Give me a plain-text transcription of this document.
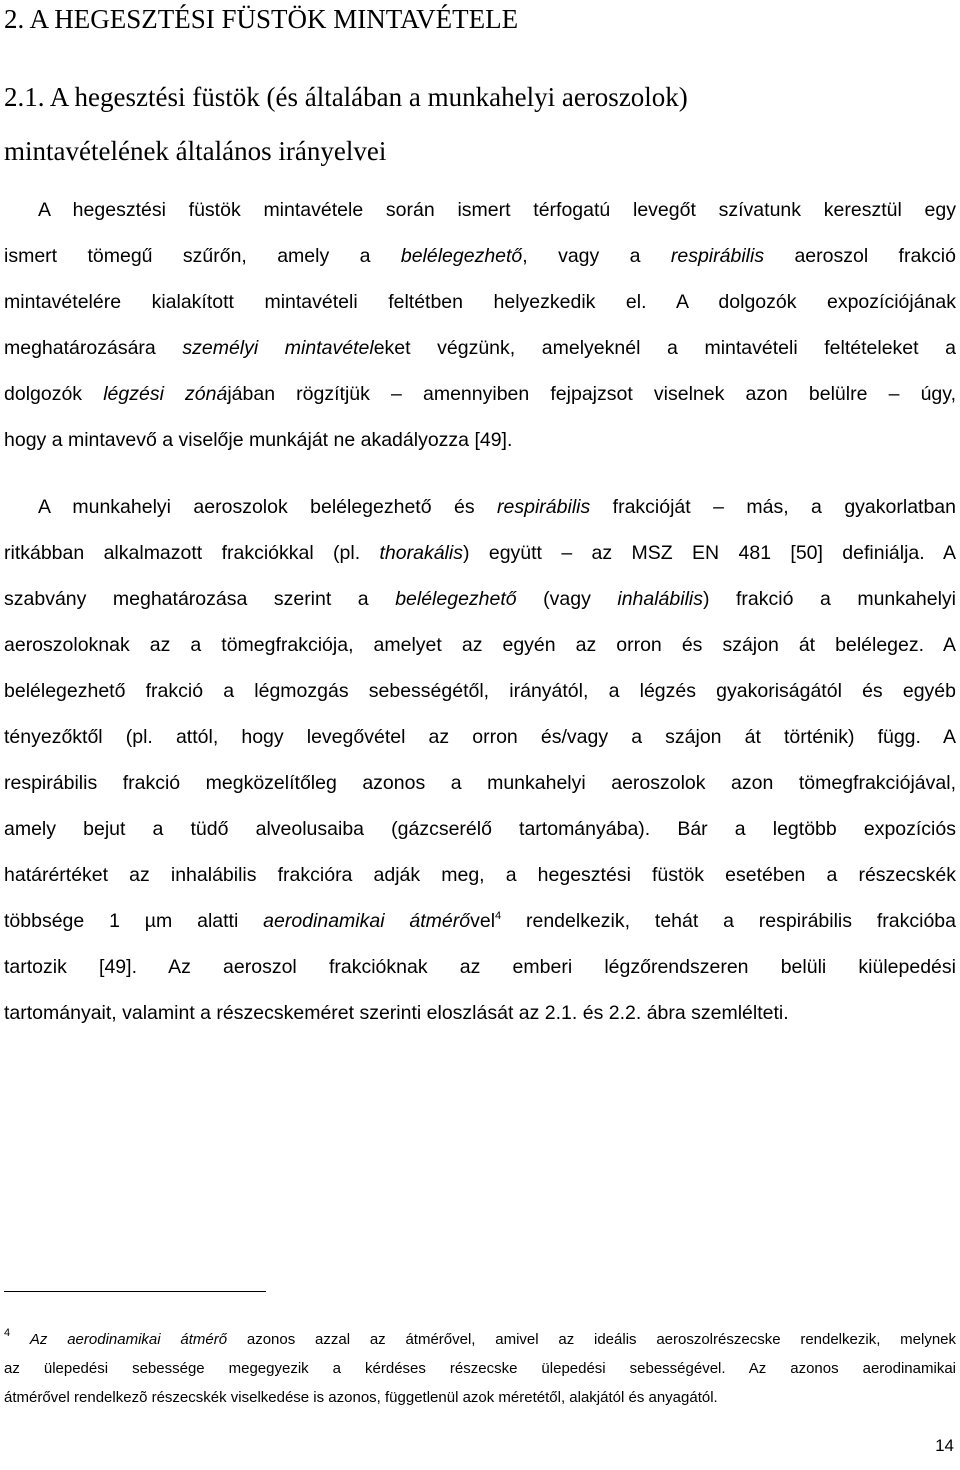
2. A HEGESZTÉSI FÜSTÖK MINTAVÉTELE
2.1. A hegesztési füstök (és általában a munkahelyi aeroszolok)
mintavételének általános irányelvei

A hegesztési füstök mintavétele során ismert térfogatú levegőt szívatunk keresztül egy
ismert tömegű szűrőn, amely a belélegezhető, vagy a respirábilis aeroszol frakció
mintavételére kialakított mintavételi feltétben helyezkedik el. A dolgozók expozíciójának
meghatározására személyi mintavételeket végzünk, amelyeknél a mintavételi feltételeket a
dolgozók légzési zónájában rögzítjük – amennyiben fejpajzsot viselnek azon belülre – úgy,
hogy a mintavevő a viselője munkáját ne akadályozza [49].

A munkahelyi aeroszolok belélegezhető és respirábilis frakcióját – más, a gyakorlatban
ritkábban alkalmazott frakciókkal (pl. thorakális) együtt – az MSZ EN 481 [50] definiálja. A
szabvány meghatározása szerint a belélegezhető (vagy inhalábilis) frakció a munkahelyi
aeroszoloknak az a tömegfrakciója, amelyet az egyén az orron és szájon át belélegez. A
belélegezhető frakció a légmozgás sebességétől, irányától, a légzés gyakoriságától és egyéb
tényezőktől (pl. attól, hogy levegővétel az orron és/vagy a szájon át történik) függ. A
respirábilis frakció megközelítőleg azonos a munkahelyi aeroszolok azon tömegfrakciójával,
amely bejut a tüdő alveolusaiba (gázcserélő tartományába). Bár a legtöbb expozíciós
határértéket az inhalábilis frakcióra adják meg, a hegesztési füstök esetében a részecskék
többsége 1 µm alatti aerodinamikai átmérővel$^4$ rendelkezik, tehát a respirábilis frakcióba
tartozik [49]. Az aeroszol frakcióknak az emberi légzőrendszeren belüli kiülepedési
tartományait, valamint a részecskeméret szerinti eloszlását az 2.1. és 2.2. ábra szemlélteti.

$^4$ Az aerodinamikai átmérő azonos azzal az átmérővel, amivel az ideális aeroszolrészecske rendelkezik, melynek
az ülepedési sebessége megegyezik a kérdéses részecske ülepedési sebességével. Az azonos aerodinamikai
átmérővel rendelkezõ részecskék viselkedése is azonos, függetlenül azok méretétől, alakjától és anyagától.

14
